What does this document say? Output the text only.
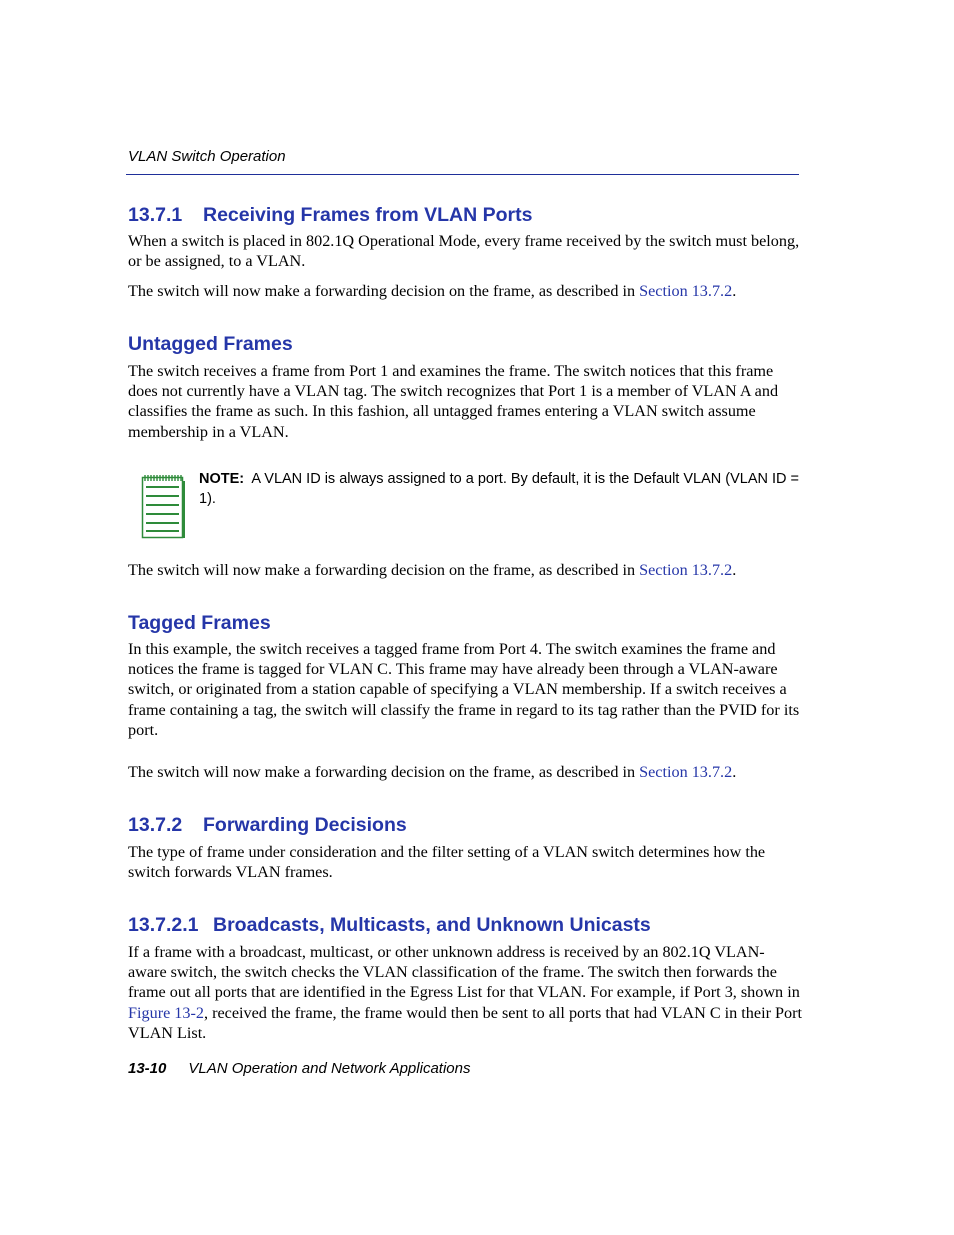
VLAN Switch Operation
13.7.1 Receiving Frames from VLAN Ports

When a switch is placed in 802.1Q Operational Mode, every frame received by the switch must belong, or be assigned, to a VLAN.

The switch will now make a forwarding decision on the frame, as described in Section 13.7.2.

Untagged Frames

The switch receives a frame from Port 1 and examines the frame. The switch notices that this frame does not currently have a VLAN tag. The switch recognizes that Port 1 is a member of VLAN A and classifies the frame as such. In this fashion, all untagged frames entering a VLAN switch assume membership in a VLAN.

NOTE: A VLAN ID is always assigned to a port. By default, it is the Default VLAN (VLAN ID = 1).

The switch will now make a forwarding decision on the frame, as described in Section 13.7.2.

Tagged Frames

In this example, the switch receives a tagged frame from Port 4. The switch examines the frame and notices the frame is tagged for VLAN C. This frame may have already been through a VLAN-aware switch, or originated from a station capable of specifying a VLAN membership. If a switch receives a frame containing a tag, the switch will classify the frame in regard to its tag rather than the PVID for its port.

The switch will now make a forwarding decision on the frame, as described in Section 13.7.2.

13.7.2 Forwarding Decisions

The type of frame under consideration and the filter setting of a VLAN switch determines how the switch forwards VLAN frames.

13.7.2.1 Broadcasts, Multicasts, and Unknown Unicasts

If a frame with a broadcast, multicast, or other unknown address is received by an 802.1Q VLAN-aware switch, the switch checks the VLAN classification of the frame. The switch then forwards the frame out all ports that are identified in the Egress List for that VLAN. For example, if Port 3, shown in Figure 13-2, received the frame, the frame would then be sent to all ports that had VLAN C in their Port VLAN List.

13-10 VLAN Operation and Network Applications
